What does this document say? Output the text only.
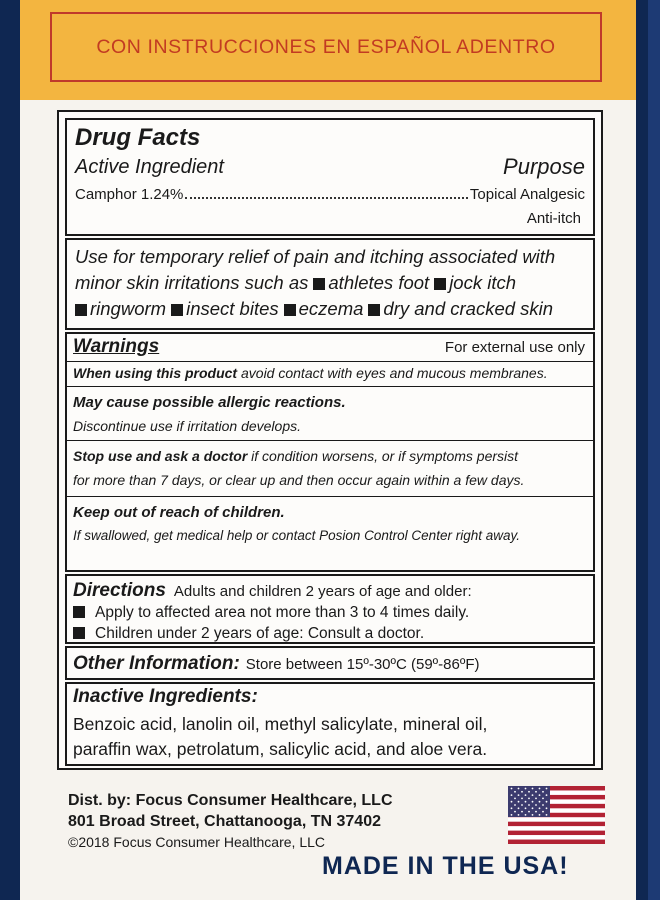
CON INSTRUCCIONES EN ESPAÑOL ADENTRO
Drug Facts
Active Ingredient	Purpose
Camphor 1.24%	Topical Analgesic
Anti-itch
Use for temporary relief of pain and itching associated with
minor skin irritations such as athletes foot jock itch
ringworm insect bites eczema dry and cracked skin
Warnings	For external use only
When using this product avoid contact with eyes and mucous membranes.
May cause possible allergic reactions.
Discontinue use if irritation develops.
Stop use and ask a doctor if condition worsens, or if symptoms persist
for more than 7 days, or clear up and then occur again within a few days.
Keep out of reach of children.
If swallowed, get medical help or contact Posion Control Center right away.
Directions Adults and children 2 years of age and older:
Apply to affected area not more than 3 to 4 times daily.
Children under 2 years of age: Consult a doctor.
Other Information: Store between 15º-30ºC (59º-86ºF)
Inactive Ingredients:
Benzoic acid, lanolin oil, methyl salicylate, mineral oil,
paraffin wax, petrolatum, salicylic acid, and aloe vera.
Dist. by: Focus Consumer Healthcare, LLC
801 Broad Street, Chattanooga, TN 37402
©2018 Focus Consumer Healthcare, LLC
MADE IN THE USA!
